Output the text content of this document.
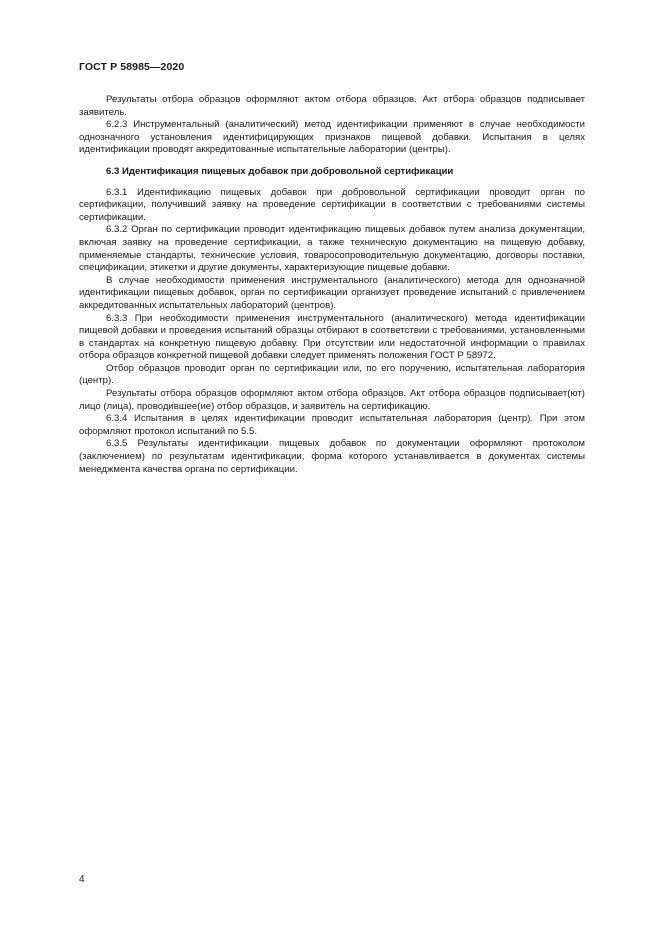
ГОСТ Р 58985—2020

Результаты отбора образцов оформляют актом отбора образцов. Акт отбора образцов подписывает заявитель.

6.2.3 Инструментальный (аналитический) метод идентификации применяют в случае необходимости однозначного установления идентифицирующих признаков пищевой добавки. Испытания в целях идентификации проводят аккредитованные испытательные лаборатории (центры).

6.3 Идентификация пищевых добавок при добровольной сертификации

6.3.1 Идентификацию пищевых добавок при добровольной сертификации проводит орган по сертификации, получивший заявку на проведение сертификации в соответствии с требованиями системы сертификации.

6.3.2 Орган по сертификации проводит идентификацию пищевых добавок путем анализа документации, включая заявку на проведение сертификации, а также техническую документацию на пищевую добавку, применяемые стандарты, технические условия, товаросопроводительную документацию, договоры поставки, спецификации, этикетки и другие документы, характеризующие пищевые добавки.

В случае необходимости применения инструментального (аналитического) метода для однозначной идентификации пищевых добавок, орган по сертификации организует проведение испытаний с привлечением аккредитованных испытательных лабораторий (центров).

6.3.3 При необходимости применения инструментального (аналитического) метода идентификации пищевой добавки и проведения испытаний образцы отбирают в соответствии с требованиями, установленными в стандартах на конкретную пищевую добавку. При отсутствии или недостаточной информации о правилах отбора образцов конкретной пищевой добавки следует применять положения ГОСТ Р 58972.

Отбор образцов проводит орган по сертификации или, по его поручению, испытательная лаборатория (центр).

Результаты отбора образцов оформляют актом отбора образцов. Акт отбора образцов подписывает(ют) лицо (лица), проводившее(ие) отбор образцов, и заявитель на сертификацию.

6.3.4 Испытания в целях идентификации проводит испытательная лаборатория (центр). При этом оформляют протокол испытаний по 5.5.

6.3.5 Результаты идентификации пищевых добавок по документации оформляют протоколом (заключением) по результатам идентификации, форма которого устанавливается в документах системы менеджмента качества органа по сертификации.

4
